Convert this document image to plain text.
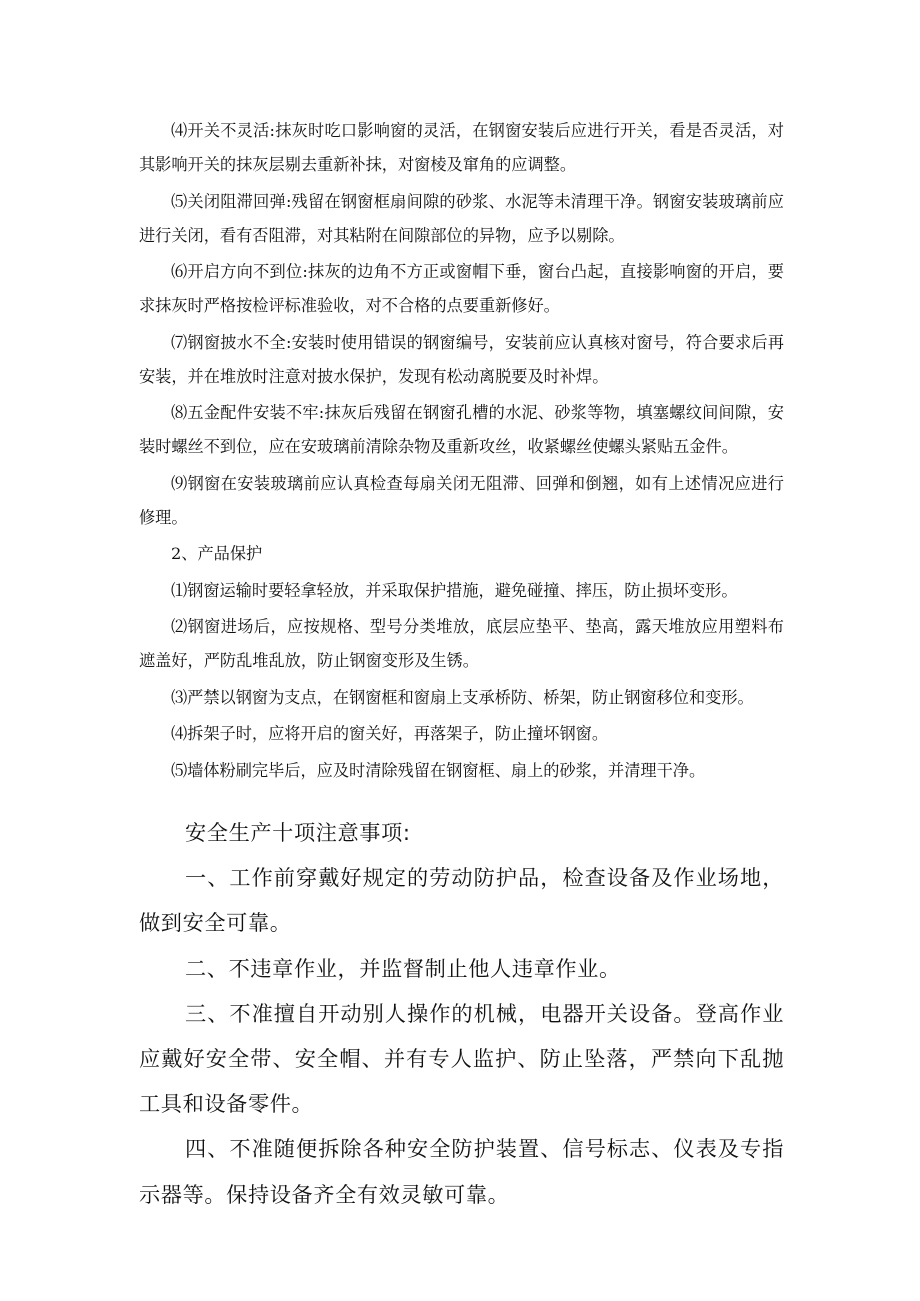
⑷开关不灵活:抹灰时吃口影响窗的灵活，在钢窗安装后应进行开关，看是否灵活，对其影响开关的抹灰层剔去重新补抹，对窗棱及窜角的应调整。

⑸关闭阻滞回弹:残留在钢窗框扇间隙的砂浆、水泥等未清理干净。钢窗安装玻璃前应进行关闭，看有否阻滞，对其粘附在间隙部位的异物，应予以剔除。

⑹开启方向不到位:抹灰的边角不方正或窗帽下垂，窗台凸起，直接影响窗的开启，要求抹灰时严格按检评标准验收，对不合格的点要重新修好。

⑺钢窗披水不全:安装时使用错误的钢窗编号，安装前应认真核对窗号，符合要求后再安装，并在堆放时注意对披水保护，发现有松动离脱要及时补焊。

⑻五金配件安装不牢:抹灰后残留在钢窗孔槽的水泥、砂浆等物，填塞螺纹间间隙，安装时螺丝不到位，应在安玻璃前清除杂物及重新攻丝，收紧螺丝使螺头紧贴五金件。

⑼钢窗在安装玻璃前应认真检查每扇关闭无阻滞、回弹和倒翘，如有上述情况应进行修理。

2、产品保护

⑴钢窗运输时要轻拿轻放，并采取保护措施，避免碰撞、摔压，防止损坏变形。

⑵钢窗进场后，应按规格、型号分类堆放，底层应垫平、垫高，露天堆放应用塑料布遮盖好，严防乱堆乱放，防止钢窗变形及生锈。

⑶严禁以钢窗为支点，在钢窗框和窗扇上支承桥防、桥架，防止钢窗移位和变形。

⑷拆架子时，应将开启的窗关好，再落架子，防止撞坏钢窗。

⑸墙体粉刷完毕后，应及时清除残留在钢窗框、扇上的砂浆，并清理干净。

安全生产十项注意事项:

一、工作前穿戴好规定的劳动防护品，检查设备及作业场地，做到安全可靠。

二、不违章作业，并监督制止他人违章作业。

三、不准擅自开动别人操作的机械，电器开关设备。登高作业应戴好安全带、安全帽、并有专人监护、防止坠落，严禁向下乱抛工具和设备零件。

四、不准随便拆除各种安全防护装置、信号标志、仪表及专指示器等。保持设备齐全有效灵敏可靠。
